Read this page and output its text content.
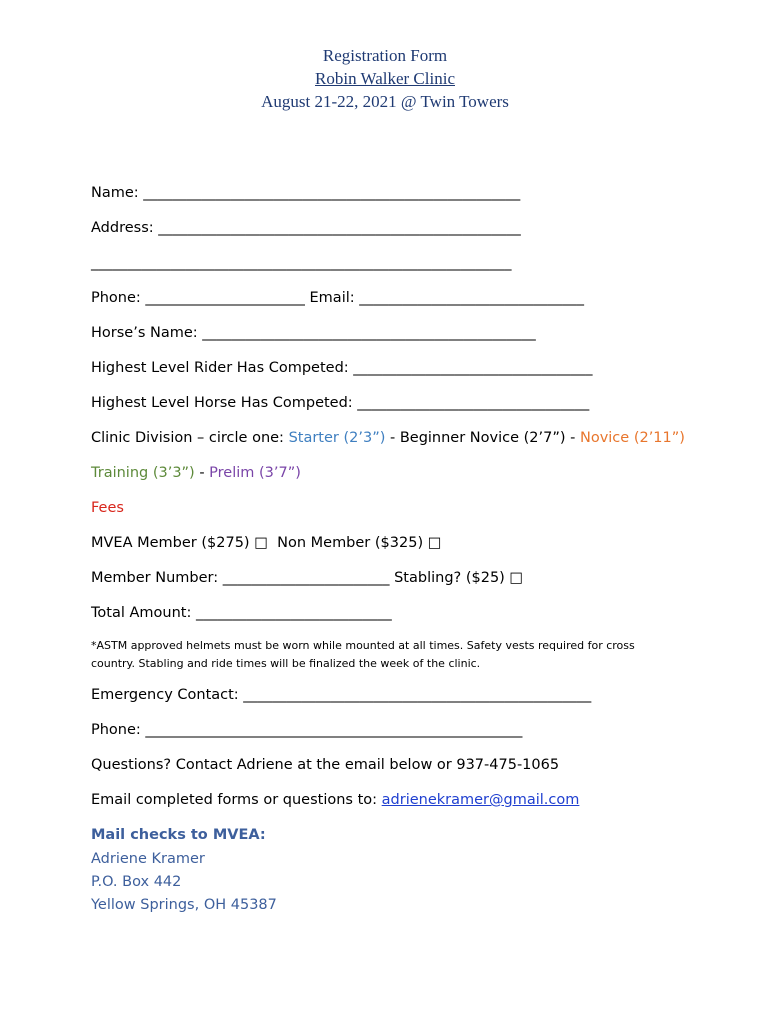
Registration Form
Robin Walker Clinic
August 21-22, 2021 @ Twin Towers
Name: ____________________________________________________
Address: __________________________________________________
__________________________________________________________
Phone: ______________________ Email: _______________________________
Horse’s Name: ______________________________________________
Highest Level Rider Has Competed: _________________________________
Highest Level Horse Has Competed: ________________________________
Clinic Division – circle one: Starter (2’3”) - Beginner Novice (2’7”) - Novice (2’11”)
Training (3’3”) - Prelim (3’7”)
Fees
MVEA Member ($275) □  Non Member ($325) □
Member Number: _______________________ Stabling? ($25) □
Total Amount: ___________________________
*ASTM approved helmets must be worn while mounted at all times. Safety vests required for cross
country. Stabling and ride times will be finalized the week of the clinic.
Emergency Contact: ________________________________________________
Phone: ____________________________________________________
Questions? Contact Adriene at the email below or 937-475-1065
Email completed forms or questions to: adrienekramer@gmail.com
Mail checks to MVEA:
Adriene Kramer
P.O. Box 442
Yellow Springs, OH 45387
